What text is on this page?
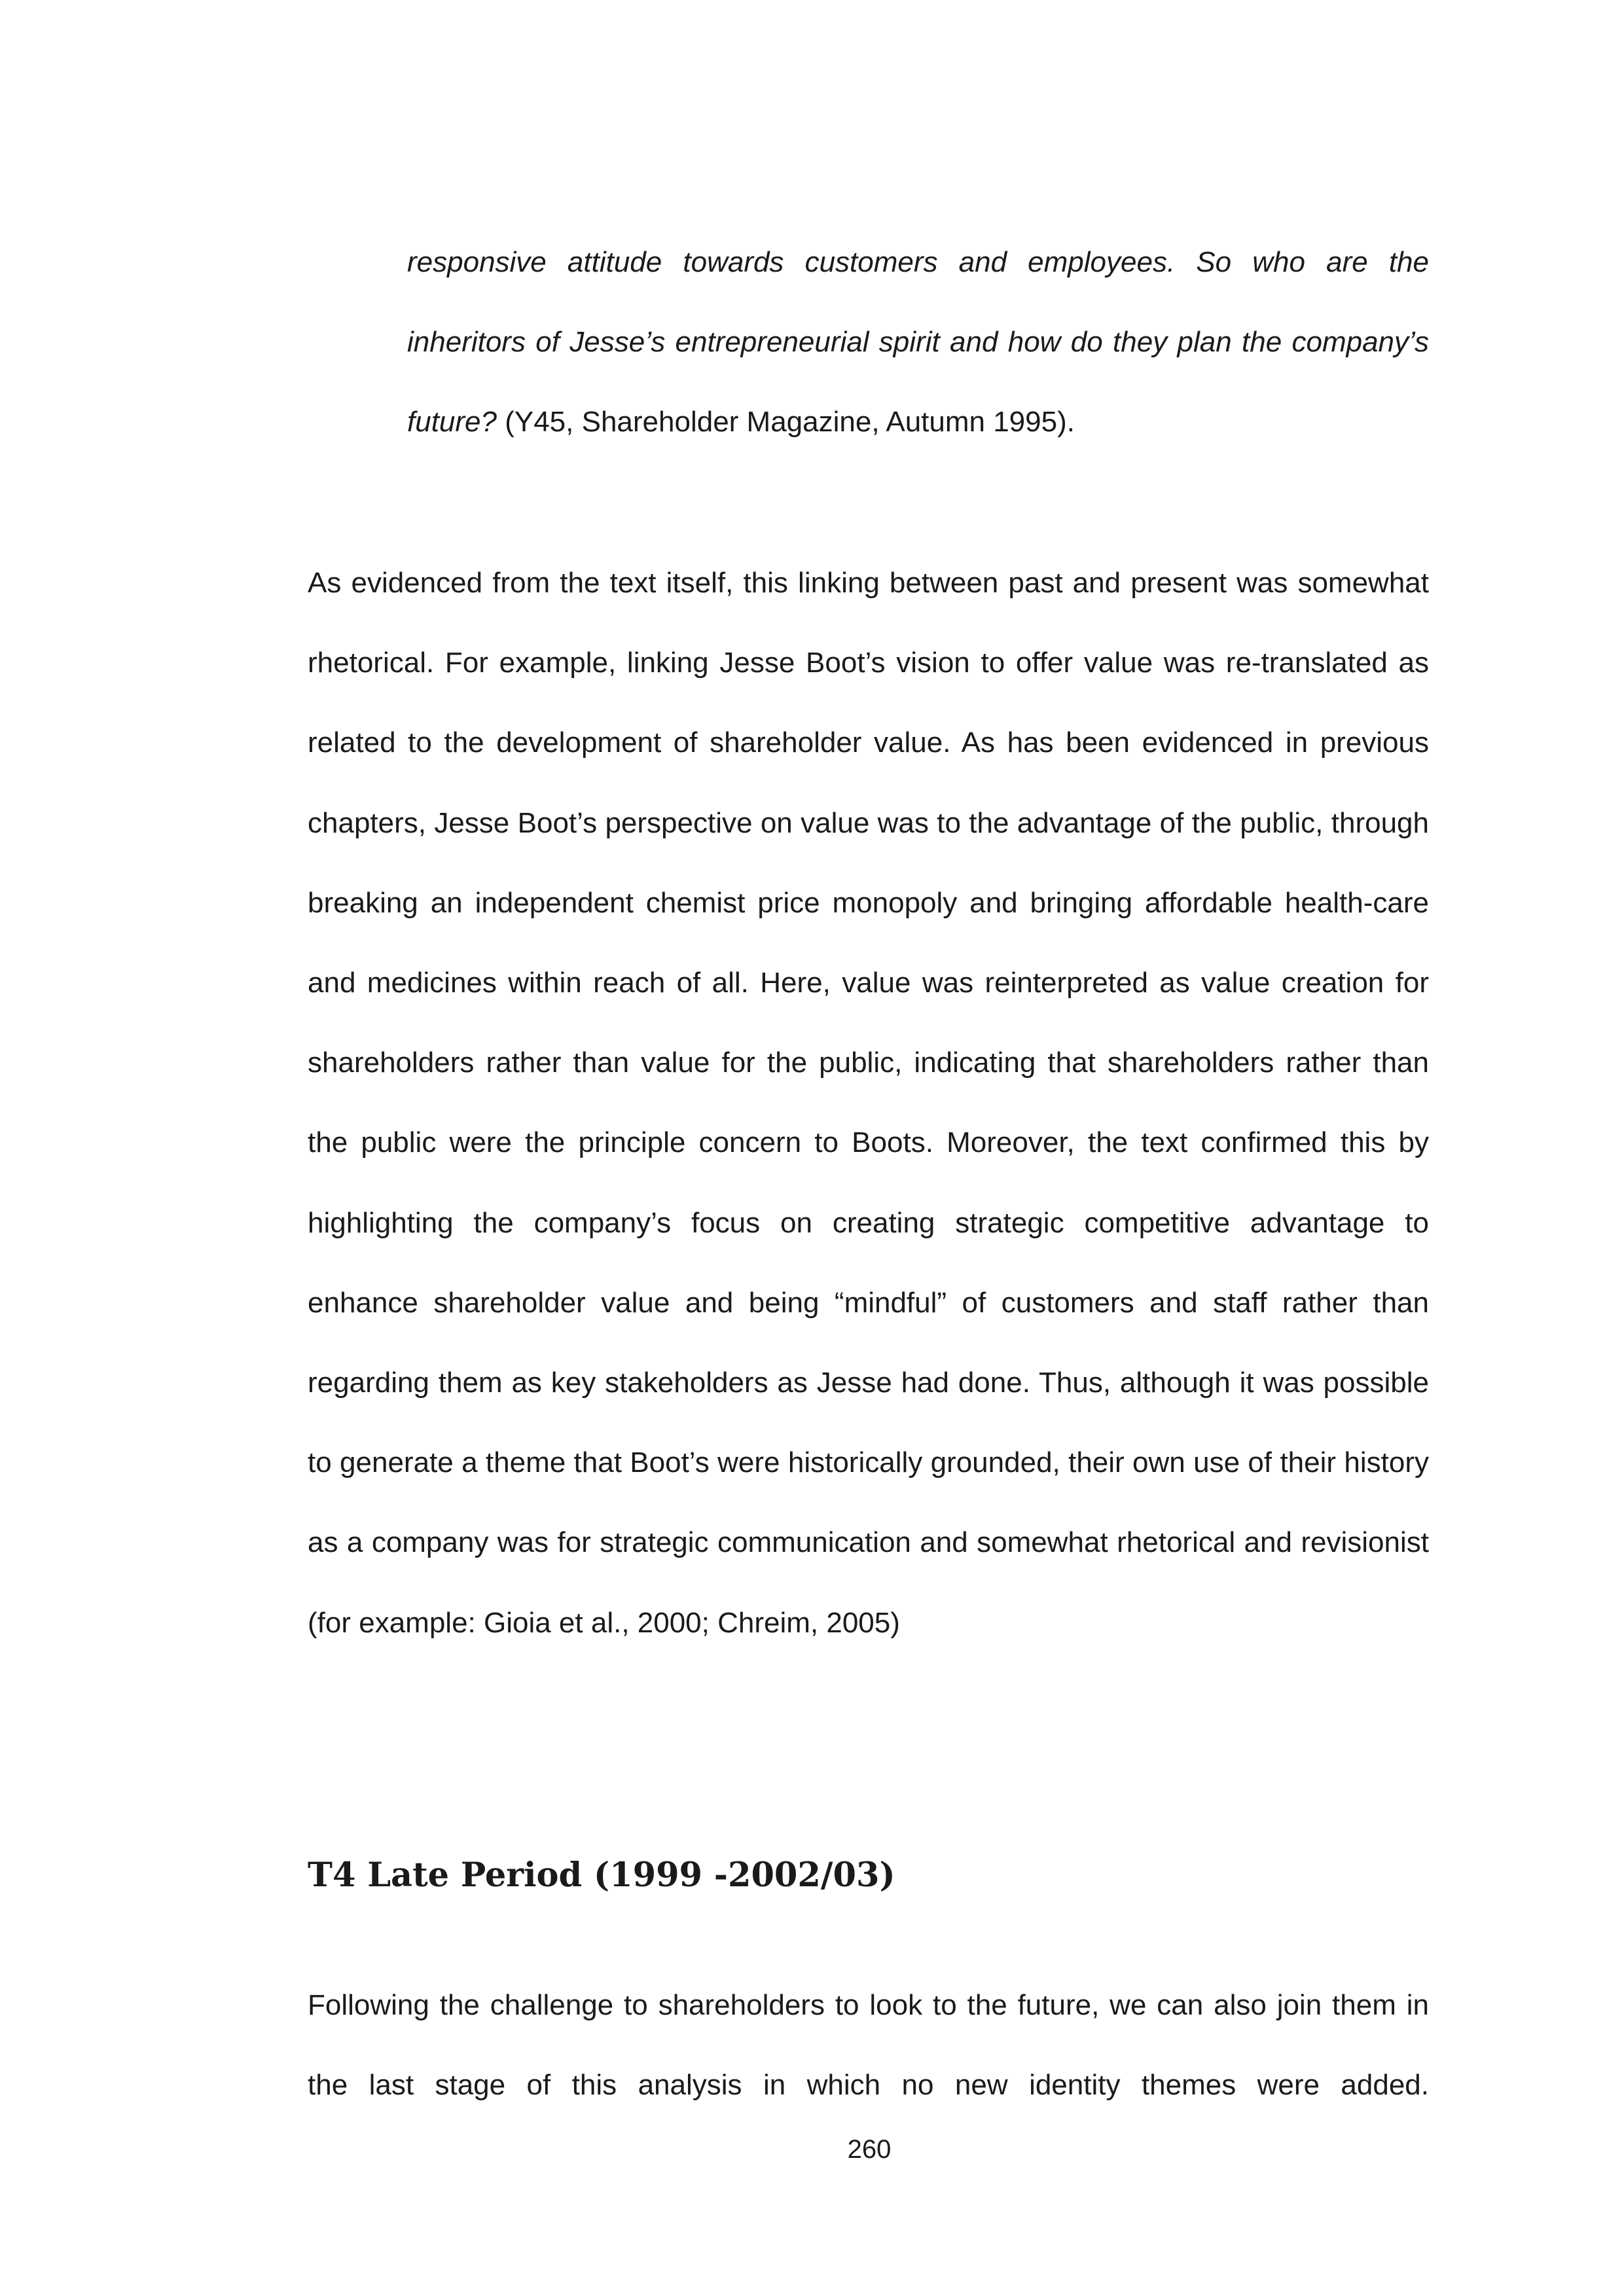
responsive attitude towards customers and employees. So who are the inheritors of Jesse’s entrepreneurial spirit and how do they plan the company’s future? (Y45, Shareholder Magazine, Autumn 1995).

As evidenced from the text itself, this linking between past and present was somewhat rhetorical. For example, linking Jesse Boot’s vision to offer value was re-translated as related to the development of shareholder value. As has been evidenced in previous chapters, Jesse Boot’s perspective on value was to the advantage of the public, through breaking an independent chemist price monopoly and bringing affordable health-care and medicines within reach of all. Here, value was reinterpreted as value creation for shareholders rather than value for the public, indicating that shareholders rather than the public were the principle concern to Boots. Moreover, the text confirmed this by highlighting the company’s focus on creating strategic competitive advantage to enhance shareholder value and being “mindful” of customers and staff rather than regarding them as key stakeholders as Jesse had done. Thus, although it was possible to generate a theme that Boot’s were historically grounded, their own use of their history as a company was for strategic communication and somewhat rhetorical and revisionist (for example: Gioia et al., 2000; Chreim, 2005)

T4 Late Period (1999 -2002/03)

Following the challenge to shareholders to look to the future, we can also join them in the last stage of this analysis in which no new identity themes were added.

260
